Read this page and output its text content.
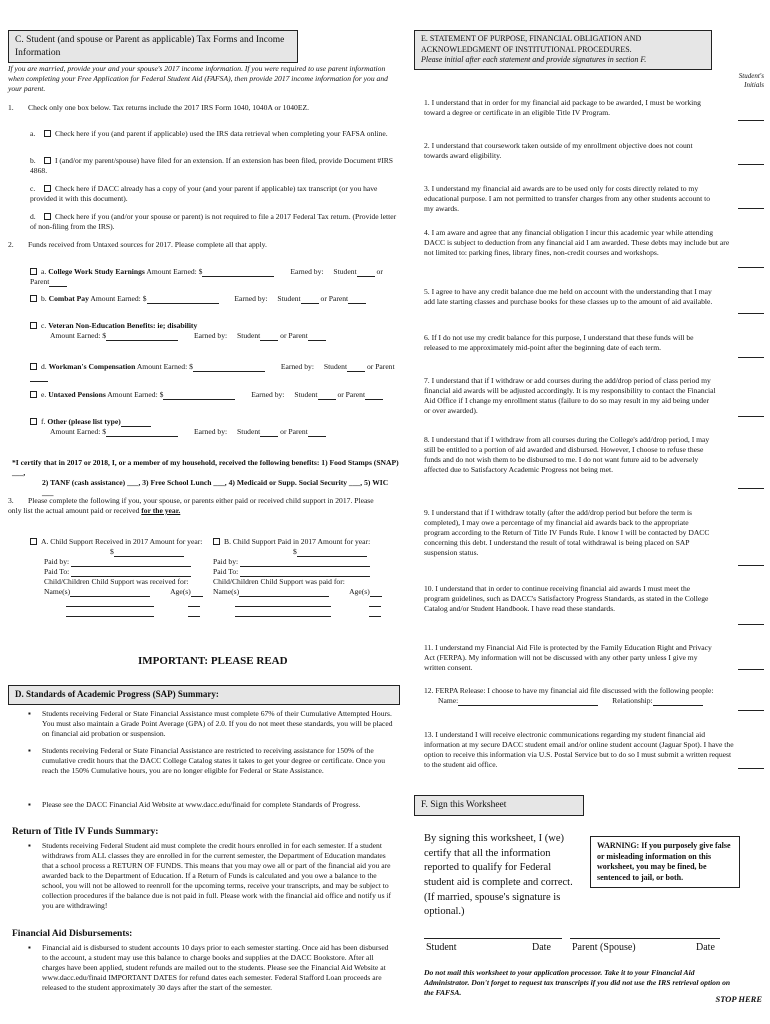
C. Student (and spouse or Parent as applicable) Tax Forms and Income Information
If you are married, provide your and your spouse's 2017 income information. If you were required to use parent information when completing your Free Application for Federal Student Aid (FAFSA), then provide 2017 income information for you and your parent.
1. Check only one box below. Tax returns include the 2017 IRS Form 1040, 1040A or 1040EZ.
a.	Check here if you (and parent if applicable) used the IRS data retrieval when completing your FAFSA online.
b.	I (and/or my parent/spouse) have filed for an extension. If an extension has been filed, provide Document #IRS 4868.
c.	Check here if DACC already has a copy of your (and your parent if applicable) tax transcript (or you have provided it with this document).
d.	Check here if you (and/or your spouse or parent) is not required to file a 2017 Federal Tax return. (Provide letter of non-filing from the IRS).
2. Funds received from Untaxed sources for 2017. Please complete all that apply.
a. College Work Study Earnings Amount Earned: $	Earned by: Student	or Parent
b. Combat Pay Amount Earned: $	Earned by: Student	or Parent
c. Veteran Non-Education Benefits: ie; disability
Amount Earned: $	Earned by: Student	or Parent
d. Workman's Compensation Amount Earned: $	Earned by: Student	or Parent
e. Untaxed Pensions Amount Earned: $	Earned by: Student	or Parent
f. Other (please list type)
Amount Earned: $	Earned by: Student	or Parent
*I certify that in 2017 or 2018, I, or a member of my household, received the following benefits: 1) Food Stamps (SNAP) ___,
2) TANF (cash assistance) ___, 3) Free School Lunch ___, 4) Medicaid or Supp. Social Security ___, 5) WIC ___
3. Please complete the following if you, your spouse, or parents either paid or received child support in 2017. Please only list the actual amount paid or received for the year.
A. Child Support Received in 2017 Amount for year:
$
Paid by:
Paid To:
Child/Children Child Support was received for:
Name(s)	Age(s)

B. Child Support Paid in 2017 Amount for year:
$
Paid by:
Paid To:
Child/Children Child Support was paid for:
Name(s)	Age(s)

IMPORTANT: PLEASE READ
D. Standards of Academic Progress (SAP) Summary:
▪ Students receiving Federal or State Financial Assistance must complete 67% of their Cumulative Attempted Hours. You must also maintain a Grade Point Average (GPA) of 2.0. If you do not meet these standards, you will be placed on financial aid probation or suspension.
▪ Students receiving Federal or State Financial Assistance are restricted to receiving assistance for 150% of the cumulative credit hours that the DACC College Catalog states it takes to get your degree or certificate. Once you reach the 150% Cumulative hours, you are no longer eligible for Federal or State Assistance.
▪ Please see the DACC Financial Aid Website at www.dacc.edu/finaid for complete Standards of Progress.
Return of Title IV Funds Summary:
▪ Students receiving Federal Student aid must complete the credit hours enrolled in for each semester. If a student withdraws from ALL classes they are enrolled in for the current semester, the Department of Education mandates that a school process a RETURN OF FUNDS. This means that you may owe all or part of the financial aid you are awarded back to the Department of Education. If a Return of Funds is calculated and you owe a balance to the school, you will not be allowed to reenroll for the upcoming terms, receive your transcripts, and may be subject to collection procedures if the balance due is not paid in full. Please work with the financial aid office and notify us if you are withdrawing!
Financial Aid Disbursements:
▪ Financial aid is disbursed to student accounts 10 days prior to each semester starting. Once aid has been disbursed to the account, a student may use this balance to charge books and supplies at the DACC Bookstore. After all charges have been applied, student refunds are mailed out to the students. Please see the Financial Aid Website at www.dacc.edu/finaid IMPORTANT DATES for refund dates each semester. Federal Stafford Loan proceeds are released to the student approximately 30 days after the start of the semester.
E. STATEMENT OF PURPOSE, FINANCIAL OBLIGATION AND ACKNOWLEDGMENT OF INSTITUTIONAL PROCEDURES.
Please initial after each statement and provide signatures in section F.
Student's Initials
1. I understand that in order for my financial aid package to be awarded, I must be working toward a degree or certificate in an eligible Title IV Program.
2. I understand that coursework taken outside of my enrollment objective does not count towards award eligibility.
3. I understand my financial aid awards are to be used only for costs directly related to my educational purpose. I am not permitted to transfer charges from any other students account to my awards.
4. I am aware and agree that any financial obligation I incur this academic year while attending DACC is subject to deduction from any financial aid I am awarded. These debts may include but are not limited to: parking fines, library fines, non-credit courses and workshops.
5. I agree to have any credit balance due me held on account with the understanding that I may add late starting classes and purchase books for these classes up to the amount of aid available.
6. If I do not use my credit balance for this purpose, I understand that these funds will be released to me approximately mid-point after the beginning date of each term.
7. I understand that if I withdraw or add courses during the add/drop period of class period my financial aid awards will be adjusted accordingly. It is my responsibility to contact the Financial Aid Office if I change my enrollment status (failure to do so may result in my aid being under or over awarded).
8. I understand that if I withdraw from all courses during the College's add/drop period, I may still be entitled to a portion of aid awarded and disbursed. However, I choose to refuse these funds and do not wish them to be disbursed to me. I do not want future aid to be adversely affected due to Satisfactory Academic Progress not being met.
9. I understand that if I withdraw totally (after the add/drop period but before the term is completed), I may owe a percentage of my financial aid awards back to the appropriate program according to the Return of Title IV Funds Rule. I know I will be contacted by DACC concerning this debt. I understand the result of total withdrawal is being placed on SAP suspension status.
10. I understand that in order to continue receiving financial aid awards I must meet the program guidelines, such as DACC's Satisfactory Progress Standards, as stated in the College Catalog and/or Student Handbook. I have read these standards.
11. I understand my Financial Aid File is protected by the Family Education Right and Privacy Act (FERPA). My information will not be discussed with any other party unless I give my written consent.
12. FERPA Release: I choose to have my financial aid file discussed with the following people:
Name:	Relationship:
13. I understand I will receive electronic communications regarding my student financial aid information at my secure DACC student email and/or online student account (Jaguar Spot). I have the option to receive this information via U.S. Postal Service but to do so I must submit a written request to the student aid office.
F. Sign this Worksheet
By signing this worksheet, I (we) certify that all the information reported to qualify for Federal student aid is complete and correct. (If married, spouse's signature is optional.)
WARNING: If you purposely give false or misleading information on this worksheet, you may be fined, be sentenced to jail, or both.
Student	Date Parent (Spouse)	Date
Do not mail this worksheet to your application processor. Take it to your Financial Aid Administrator. Don't forget to request tax transcripts if you did not use the IRS retrieval option on the FAFSA.
STOP HERE
